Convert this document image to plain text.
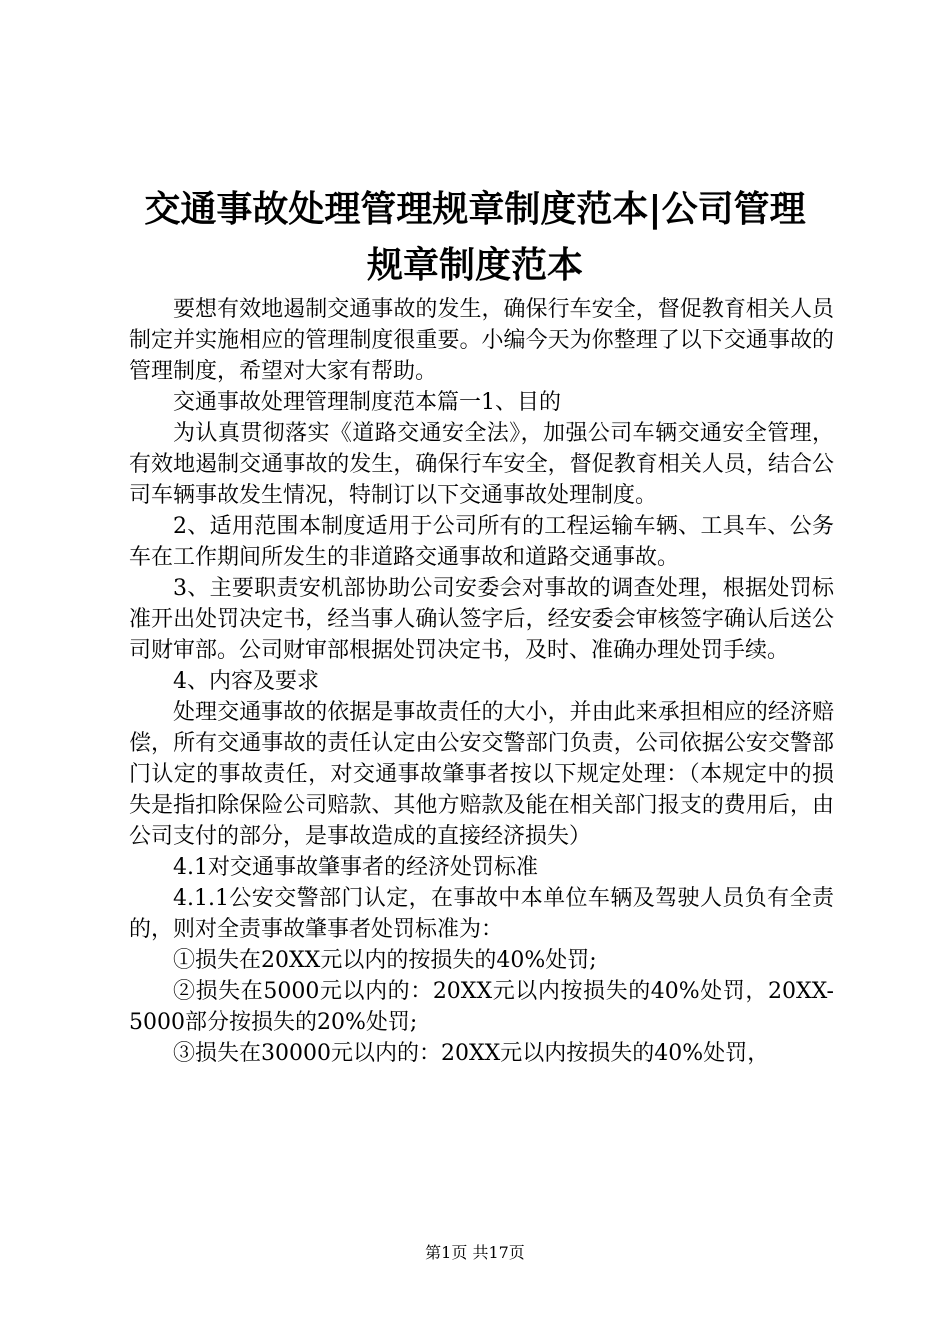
交通事故处理管理规章制度范本|公司管理规章制度范本

要想有效地遏制交通事故的发生，确保行车安全，督促教育相关人员制定并实施相应的管理制度很重要。小编今天为你整理了以下交通事故的管理制度，希望对大家有帮助。

交通事故处理管理制度范本篇一1、目的

为认真贯彻落实《道路交通安全法》，加强公司车辆交通安全管理，有效地遏制交通事故的发生，确保行车安全，督促教育相关人员，结合公司车辆事故发生情况，特制订以下交通事故处理制度。

2、适用范围本制度适用于公司所有的工程运输车辆、工具车、公务车在工作期间所发生的非道路交通事故和道路交通事故。

3、主要职责安机部协助公司安委会对事故的调查处理，根据处罚标准开出处罚决定书，经当事人确认签字后，经安委会审核签字确认后送公司财审部。公司财审部根据处罚决定书，及时、准确办理处罚手续。

4、内容及要求

处理交通事故的依据是事故责任的大小，并由此来承担相应的经济赔偿，所有交通事故的责任认定由公安交警部门负责，公司依据公安交警部门认定的事故责任，对交通事故肇事者按以下规定处理：（本规定中的损失是指扣除保险公司赔款、其他方赔款及能在相关部门报支的费用后，由公司支付的部分，是事故造成的直接经济损失）

4.1对交通事故肇事者的经济处罚标准

4.1.1公安交警部门认定，在事故中本单位车辆及驾驶人员负有全责的，则对全责事故肇事者处罚标准为：

①损失在20XX元以内的按损失的40%处罚;

②损失在5000元以内的：20XX元以内按损失的40%处罚，20XX-5000部分按损失的20%处罚;

③损失在30000元以内的：20XX元以内按损失的40%处罚，

第1页 共17页
